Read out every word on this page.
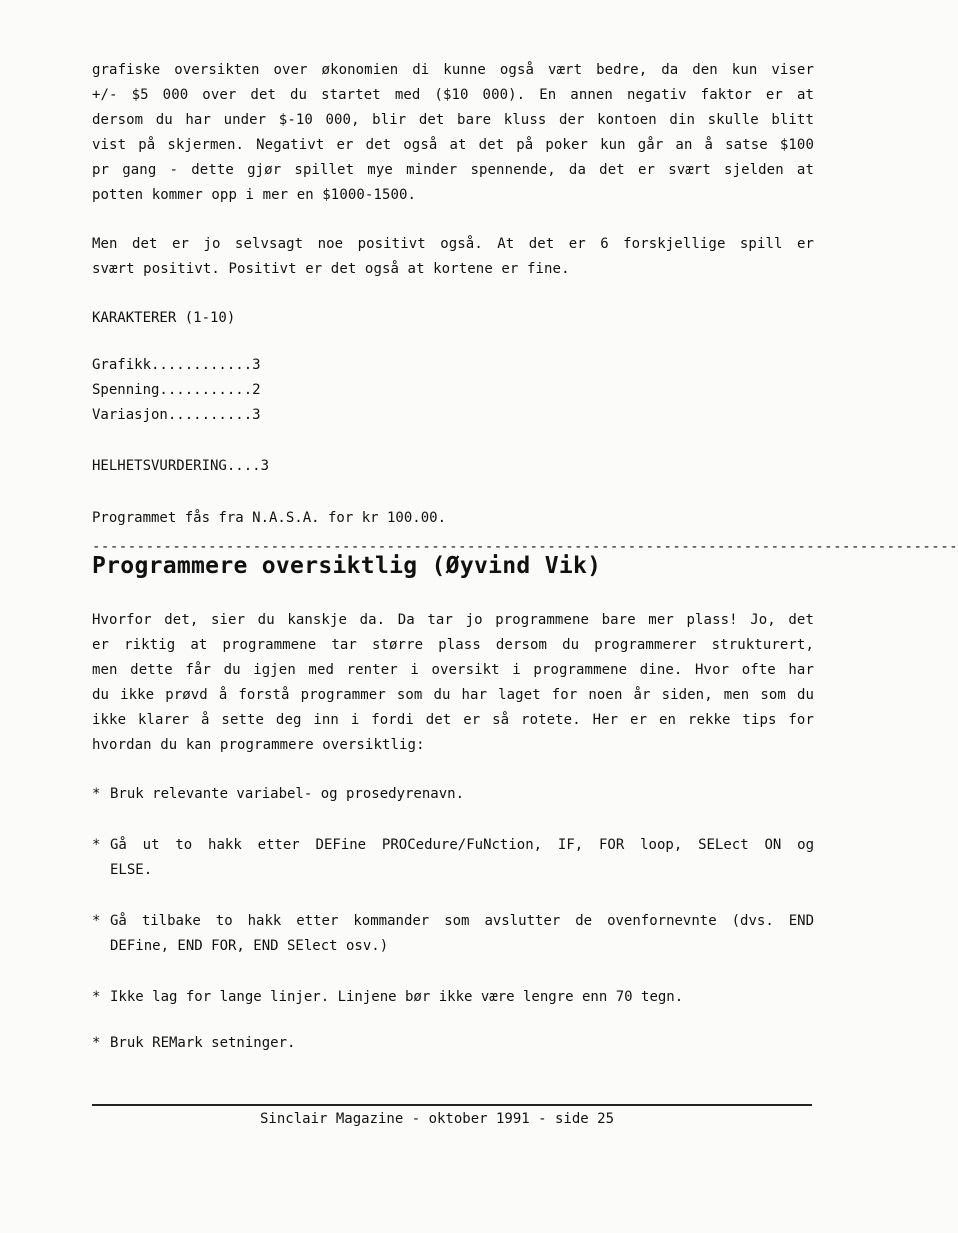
grafiske oversikten over økonomien di kunne også vært bedre, da den kun viser
+/- $5 000 over det du startet med ($10 000). En annen negativ faktor er at
dersom du har under $-10 000, blir det bare kluss der kontoen din skulle blitt
vist på skjermen. Negativt er det også at det på poker kun går an å satse $100
pr gang - dette gjør spillet mye minder spennende, da det er svært sjelden at
potten kommer opp i mer en $1000-1500.

Men det er jo selvsagt noe positivt også. At det er 6 forskjellige spill er
svært positivt. Positivt er det også at kortene er fine.

KARAKTERER (1-10)
Grafikk............3
Spenning...........2
Variasjon..........3
HELHETSVURDERING....3
Programmet fås fra N.A.S.A. for kr 100.00.
-------------------------------------------------------------------------------------------------
Programmere oversiktlig (Øyvind Vik)

Hvorfor det, sier du kanskje da. Da tar jo programmene bare mer plass! Jo, det
er riktig at programmene tar større plass dersom du programmerer strukturert,
men dette får du igjen med renter i oversikt i programmene dine. Hvor ofte har
du ikke prøvd å forstå programmer som du har laget for noen år siden, men som du
ikke klarer å sette deg inn i fordi det er så rotete. Her er en rekke tips for
hvordan du kan programmere oversiktlig:

* Bruk relevante variabel- og prosedyrenavn.
* Gå ut to hakk etter DEFine PROCedure/FuNction, IF, FOR loop, SELect ON og
ELSE.
* Gå tilbake to hakk etter kommander som avslutter de ovenfornevnte (dvs. END
DEFine, END FOR, END SElect osv.)
* Ikke lag for lange linjer. Linjene bør ikke være lengre enn 70 tegn.
* Bruk REMark setninger.
Sinclair Magazine - oktober 1991 - side 25
